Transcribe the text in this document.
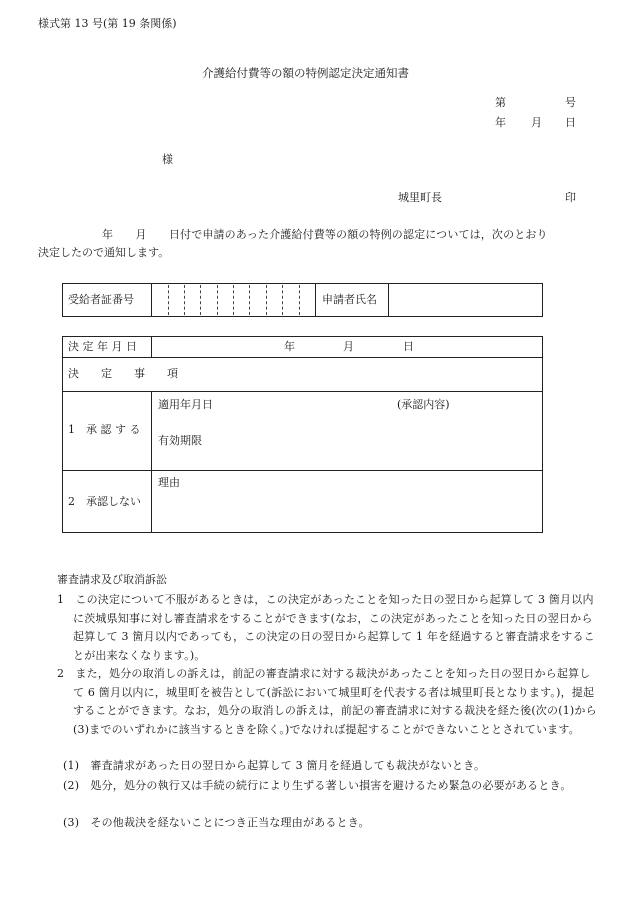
様式第 13 号(第 19 条関係)
介護給付費等の額の特例認定決定通知書
第	号
年 月 日
様
城里町長	印
年　　月　　日付で申請のあった介護給付費等の額の特例の認定については，次のとおり
決定したので通知します。
受給者証番号	申請者氏名
決 定 年 月 日	年	月	日
決　　定　　事　　項
1　承 認 す る
適用年月日	(承認内容)
有効期限
2　承認しない
理由
審査請求及び取消訴訟
1　この決定について不服があるときは，この決定があったことを知った日の翌日から起算して 3 箇月以内に茨城県知事に対し審査請求をすることができます(なお，この決定があったことを知った日の翌日から起算して 3 箇月以内であっても，この決定の日の翌日から起算して 1 年を経過すると審査請求をすることが出来なくなります。)。
2　また，処分の取消しの訴えは，前記の審査請求に対する裁決があったことを知った日の翌日から起算して 6 箇月以内に，城里町を被告として(訴訟において城里町を代表する者は城里町長となります。)，提起することができます。なお，処分の取消しの訴えは，前記の審査請求に対する裁決を経た後(次の(1)から(3)までのいずれかに該当するときを除く。)でなければ提起することができないこととされています。
(1)　審査請求があった日の翌日から起算して 3 箇月を経過しても裁決がないとき。
(2)　処分，処分の執行又は手続の続行により生ずる著しい損害を避けるため緊急の必要があるとき。
(3)　その他裁決を経ないことにつき正当な理由があるとき。
